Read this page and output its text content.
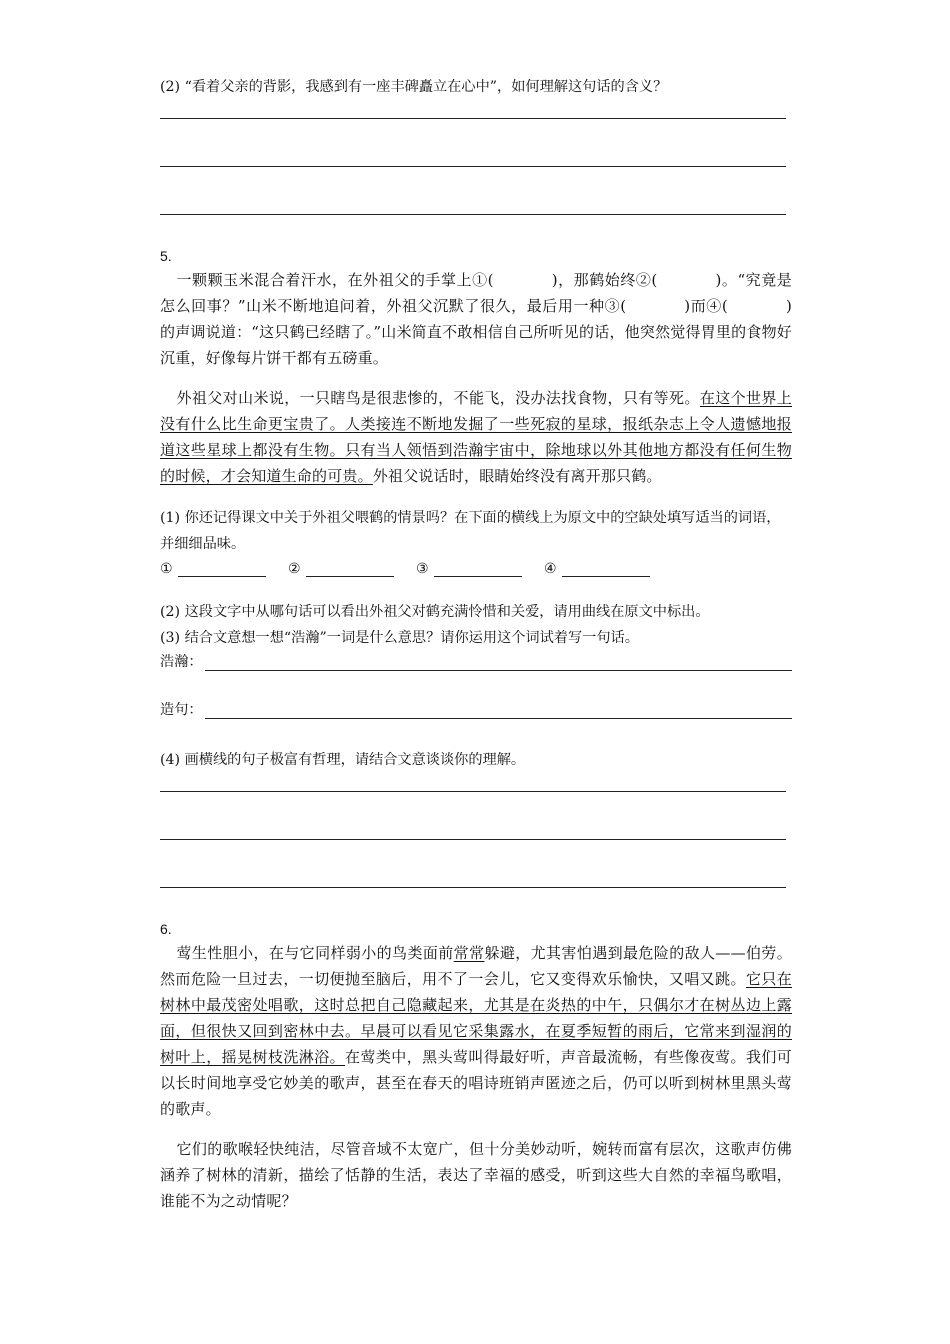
(2) “看着父亲的背影，我感到有一座丰碑矗立在心中”，如何理解这句话的含义？

5.

一颗颗玉米混合着汗水，在外祖父的手掌上①(	)，那鹤始终②(	)。“究竟是怎么回事？”山米不断地追问着，外祖父沉默了很久，最后用一种③(	)而④(	)的声调说道：“这只鹤已经瞎了。”山米简直不敢相信自己所听见的话，他突然觉得胃里的食物好沉重，好像每片饼干都有五磅重。

外祖父对山米说，一只瞎鸟是很悲惨的，不能飞，没办法找食物，只有等死。在这个世界上没有什么比生命更宝贵了。人类接连不断地发掘了一些死寂的星球，报纸杂志上令人遗憾地报道这些星球上都没有生物。只有当人领悟到浩瀚宇宙中，除地球以外其他地方都没有任何生物的时候，才会知道生命的可贵。外祖父说话时，眼睛始终没有离开那只鹤。

(1) 你还记得课文中关于外祖父喂鹤的情景吗？在下面的横线上为原文中的空缺处填写适当的词语，并细细品味。

①	②	③	④

(2) 这段文字中从哪句话可以看出外祖父对鹤充满怜惜和关爱，请用曲线在原文中标出。

(3) 结合文意想一想“浩瀚”一词是什么意思？请你运用这个词试着写一句话。

浩瀚：
造句：

(4) 画横线的句子极富有哲理，请结合文意谈谈你的理解。

6.

莺生性胆小，在与它同样弱小的鸟类面前常常躲避，尤其害怕遇到最危险的敌人——伯劳。然而危险一旦过去，一切便抛至脑后，用不了一会儿，它又变得欢乐愉快，又唱又跳。它只在树林中最茂密处唱歌，这时总把自己隐藏起来，尤其是在炎热的中午，只偶尔才在树丛边上露面，但很快又回到密林中去。早晨可以看见它采集露水，在夏季短暂的雨后，它常来到湿润的树叶上，摇晃树枝洗淋浴。在莺类中，黑头莺叫得最好听，声音最流畅，有些像夜莺。我们可以长时间地享受它妙美的歌声，甚至在春天的唱诗班销声匿迹之后，仍可以听到树林里黑头莺的歌声。

它们的歌喉轻快纯洁，尽管音域不太宽广，但十分美妙动听，婉转而富有层次，这歌声仿佛涵养了树林的清新，描绘了恬静的生活，表达了幸福的感受，听到这些大自然的幸福鸟歌唱，谁能不为之动情呢？
